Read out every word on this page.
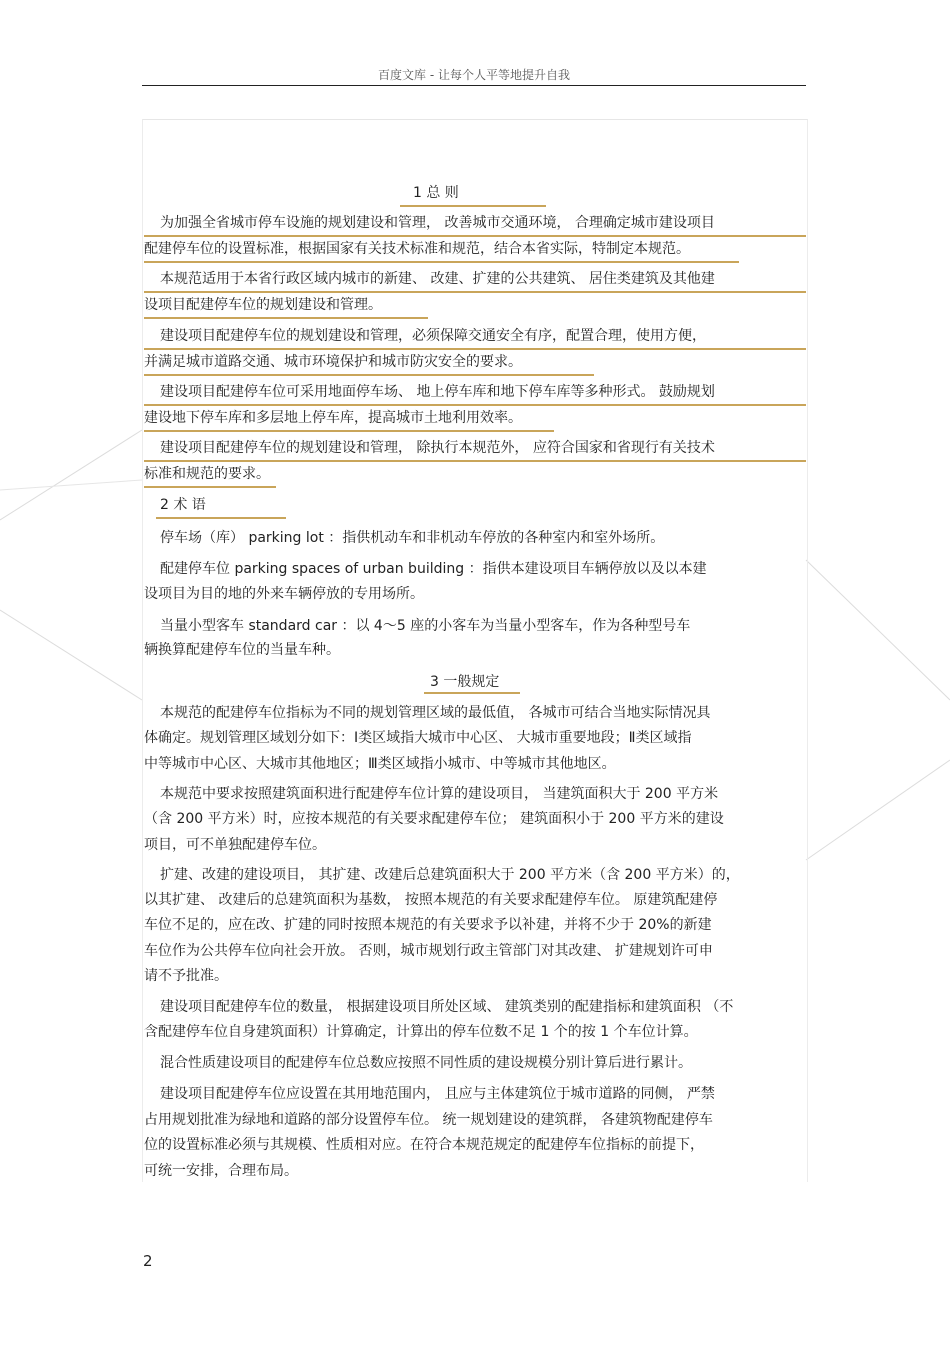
百度文库 - 让每个人平等地提升自我
1 总 则
为加强全省城市停车设施的规划建设和管理， 改善城市交通环境， 合理确定城市建设项目
配建停车位的设置标准，根据国家有关技术标准和规范，结合本省实际，特制定本规范。
本规范适用于本省行政区域内城市的新建、 改建、扩建的公共建筑、 居住类建筑及其他建
设项目配建停车位的规划建设和管理。
建设项目配建停车位的规划建设和管理，必须保障交通安全有序，配置合理，使用方便，
并满足城市道路交通、城市环境保护和城市防灾安全的要求。
建设项目配建停车位可采用地面停车场、 地上停车库和地下停车库等多种形式。 鼓励规划
建设地下停车库和多层地上停车库，提高城市土地利用效率。
建设项目配建停车位的规划建设和管理， 除执行本规范外， 应符合国家和省现行有关技术
标准和规范的要求。
2 术 语
停车场（库） parking lot ：指供机动车和非机动车停放的各种室内和室外场所。
配建停车位 parking spaces of urban building ：指供本建设项目车辆停放以及以本建
设项目为目的地的外来车辆停放的专用场所。
当量小型客车 standard car ：以 4～5 座的小客车为当量小型客车，作为各种型号车
辆换算配建停车位的当量车种。
3 一般规定
本规范的配建停车位指标为不同的规划管理区域的最低值， 各城市可结合当地实际情况具
体确定。规划管理区域划分如下：Ⅰ类区域指大城市中心区、 大城市重要地段；Ⅱ类区域指
中等城市中心区、大城市其他地区；Ⅲ类区域指小城市、中等城市其他地区。
本规范中要求按照建筑面积进行配建停车位计算的建设项目， 当建筑面积大于 200 平方米
（含 200 平方米）时，应按本规范的有关要求配建停车位； 建筑面积小于 200 平方米的建设
项目，可不单独配建停车位。
扩建、改建的建设项目， 其扩建、改建后总建筑面积大于 200 平方米（含 200 平方米）的，
以其扩建、 改建后的总建筑面积为基数， 按照本规范的有关要求配建停车位。 原建筑配建停
车位不足的，应在改、扩建的同时按照本规范的有关要求予以补建，并将不少于 20%的新建
车位作为公共停车位向社会开放。 否则，城市规划行政主管部门对其改建、 扩建规划许可申
请不予批准。
建设项目配建停车位的数量， 根据建设项目所处区域、 建筑类别的配建指标和建筑面积 （不
含配建停车位自身建筑面积）计算确定，计算出的停车位数不足 1 个的按 1 个车位计算。
混合性质建设项目的配建停车位总数应按照不同性质的建设规模分别计算后进行累计。
建设项目配建停车位应设置在其用地范围内， 且应与主体建筑位于城市道路的同侧， 严禁
占用规划批准为绿地和道路的部分设置停车位。 统一规划建设的建筑群， 各建筑物配建停车
位的设置标准必须与其规模、性质相对应。在符合本规范规定的配建停车位指标的前提下，
可统一安排，合理布局。
2
